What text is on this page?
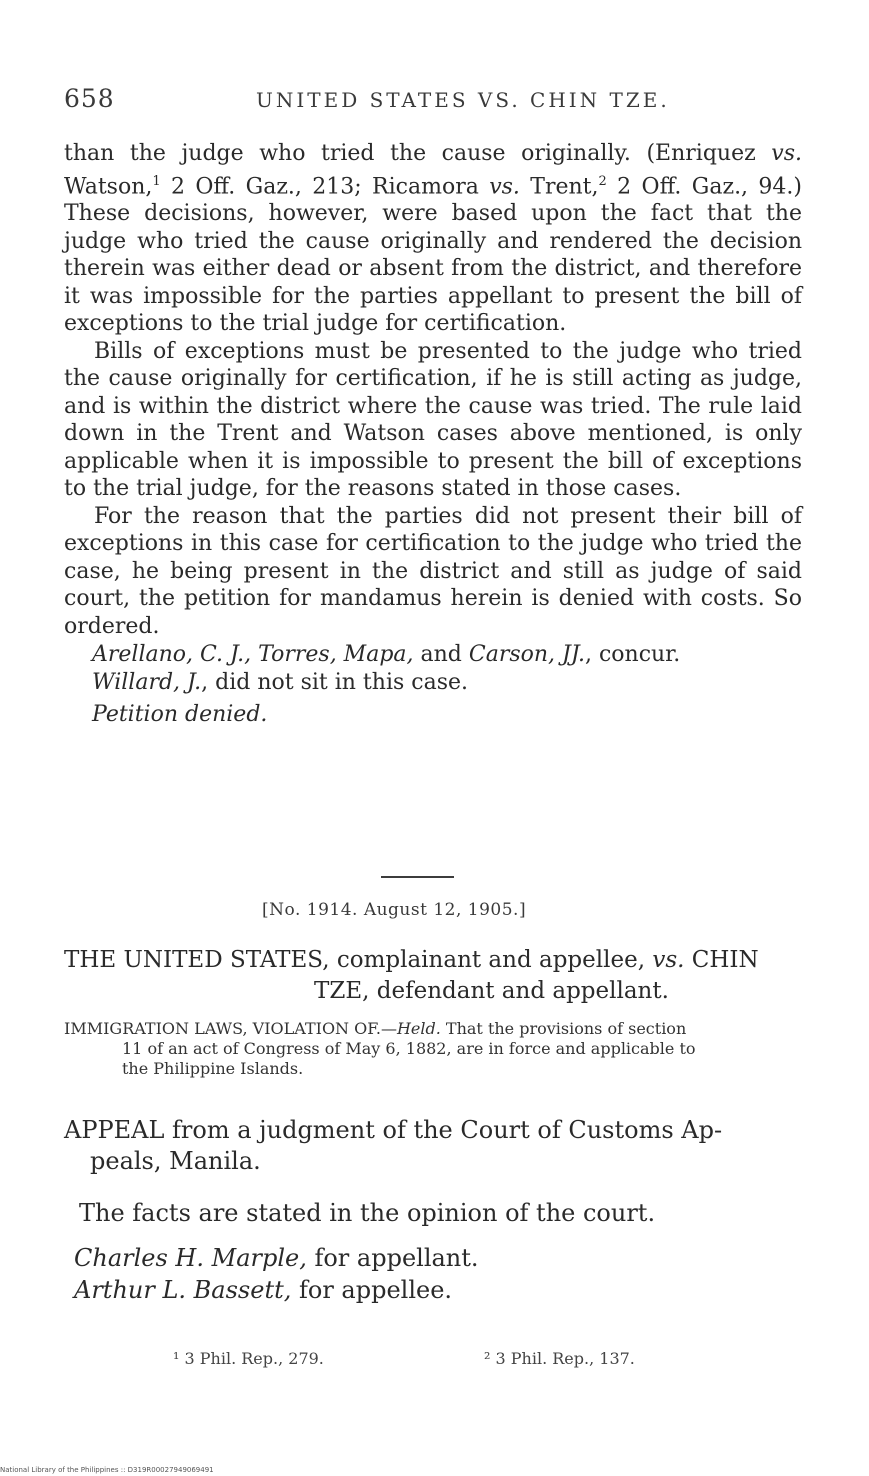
658	UNITED STATES VS. CHIN TZE.

than the judge who tried the cause originally. (Enriquez vs. Watson,$^1$ 2 Off. Gaz., 213; Ricamora vs. Trent,$^2$ 2 Off. Gaz., 94.) These decisions, however, were based upon the fact that the judge who tried the cause originally and rendered the decision therein was either dead or absent from the district, and therefore it was impossible for the parties appellant to present the bill of exceptions to the trial judge for certification.

Bills of exceptions must be presented to the judge who tried the cause originally for certification, if he is still acting as judge, and is within the district where the cause was tried. The rule laid down in the Trent and Watson cases above mentioned, is only applicable when it is impossible to present the bill of exceptions to the trial judge, for the reasons stated in those cases.

For the reason that the parties did not present their bill of exceptions in this case for certification to the judge who tried the case, he being present in the district and still as judge of said court, the petition for mandamus herein is denied with costs. So ordered.

Arellano, C. J., Torres, Mapa, and Carson, JJ., concur.

Willard, J., did not sit in this case.

Petition denied.

[No. 1914. August 12, 1905.]
THE UNITED STATES, complainant and appellee, vs. CHIN
TZE, defendant and appellant.
IMMIGRATION LAWS, VIOLATION OF.—Held. That the provisions of section
11 of an act of Congress of May 6, 1882, are in force and applicable to
the Philippine Islands.
APPEAL from a judgment of the Court of Customs Ap-
peals, Manila.
The facts are stated in the opinion of the court.
Charles H. Marple, for appellant.
Arthur L. Bassett, for appellee.
¹ 3 Phil. Rep., 279.	² 3 Phil. Rep., 137.
National Library of the Philippines :: D319R00027949069491
